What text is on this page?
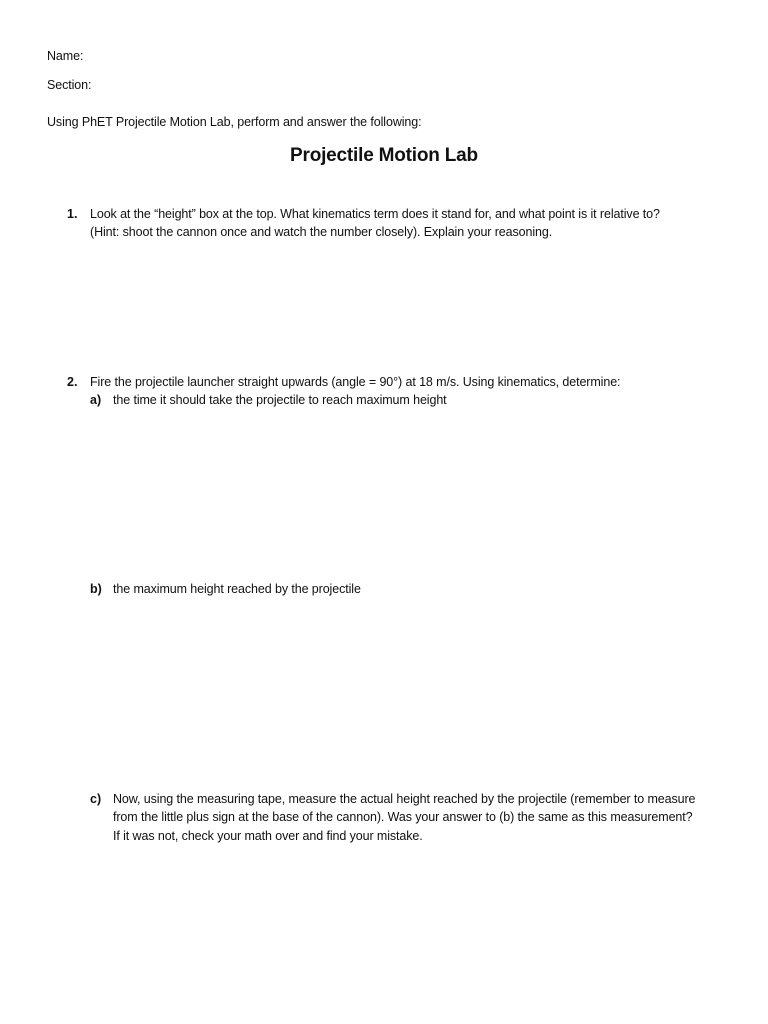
Name:
Section:
Using PhET Projectile Motion Lab, perform and answer the following:
Projectile Motion Lab
1. Look at the “height” box at the top. What kinematics term does it stand for, and what point is it relative to?
(Hint: shoot the cannon once and watch the number closely). Explain your reasoning.
2. Fire the projectile launcher straight upwards (angle = 90°) at 18 m/s. Using kinematics, determine:
a) the time it should take the projectile to reach maximum height
b) the maximum height reached by the projectile
c) Now, using the measuring tape, measure the actual height reached by the projectile (remember to measure
from the little plus sign at the base of the cannon). Was your answer to (b) the same as this measurement?
If it was not, check your math over and find your mistake.
